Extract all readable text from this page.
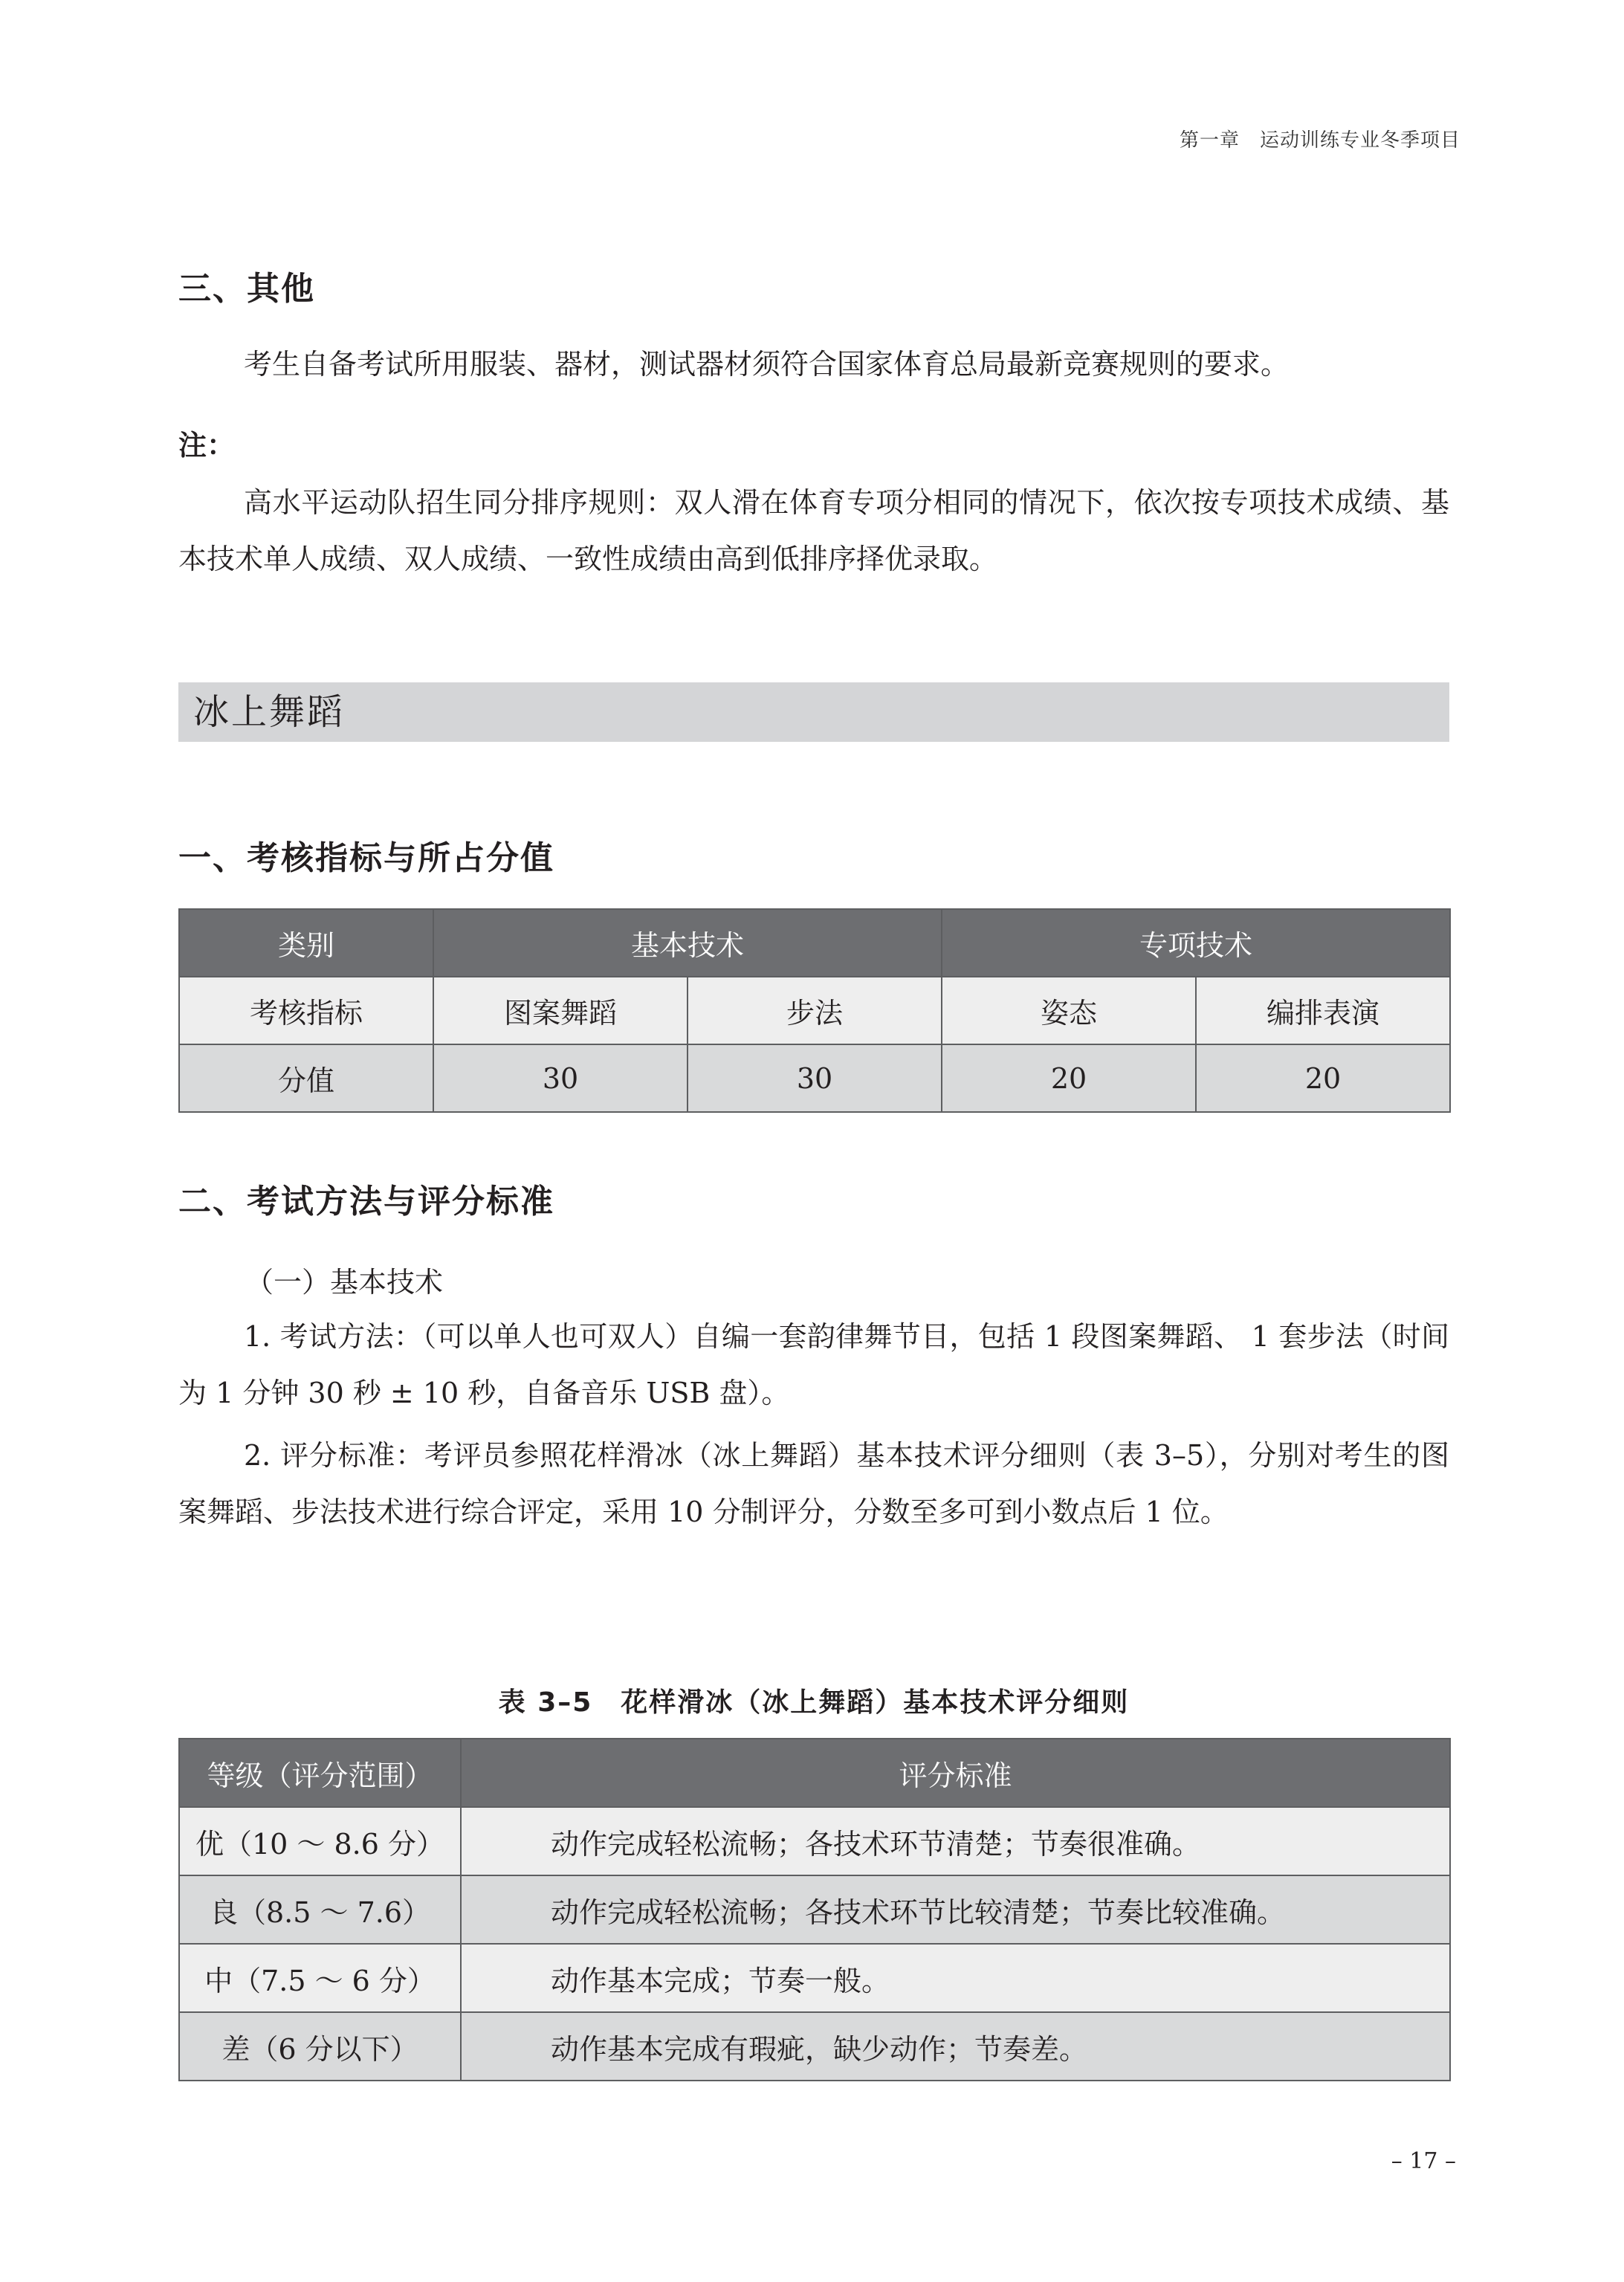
第一章　运动训练专业冬季项目
三、其他
考生自备考试所用服装、器材，测试器材须符合国家体育总局最新竞赛规则的要求。
注：
高水平运动队招生同分排序规则：双人滑在体育专项分相同的情况下，依次按专项技术成绩、基本技术单人成绩、双人成绩、一致性成绩由高到低排序择优录取。
冰上舞蹈
一、考核指标与所占分值
类别	基本技术		专项技术	
考核指标	图案舞蹈	步法	姿态	编排表演
分值	30	30	20	20
二、考试方法与评分标准
（一）基本技术
1. 考试方法：（可以单人也可双人）自编一套韵律舞节目，包括 1 段图案舞蹈、 1 套步法（时间为 1 分钟 30 秒 ± 10 秒，自备音乐 USB 盘）。
2. 评分标准：考评员参照花样滑冰（冰上舞蹈）基本技术评分细则（表 3–5），分别对考生的图案舞蹈、步法技术进行综合评定，采用 10 分制评分，分数至多可到小数点后 1 位。
表 3–5　花样滑冰（冰上舞蹈）基本技术评分细则
等级（评分范围）	评分标准
优（10 ～ 8.6 分）	动作完成轻松流畅；各技术环节清楚；节奏很准确。
良（8.5 ～ 7.6）	动作完成轻松流畅；各技术环节比较清楚；节奏比较准确。
中（7.5 ～ 6 分）	动作基本完成；节奏一般。
差（6 分以下）	动作基本完成有瑕疵，缺少动作；节奏差。
– 17 –
